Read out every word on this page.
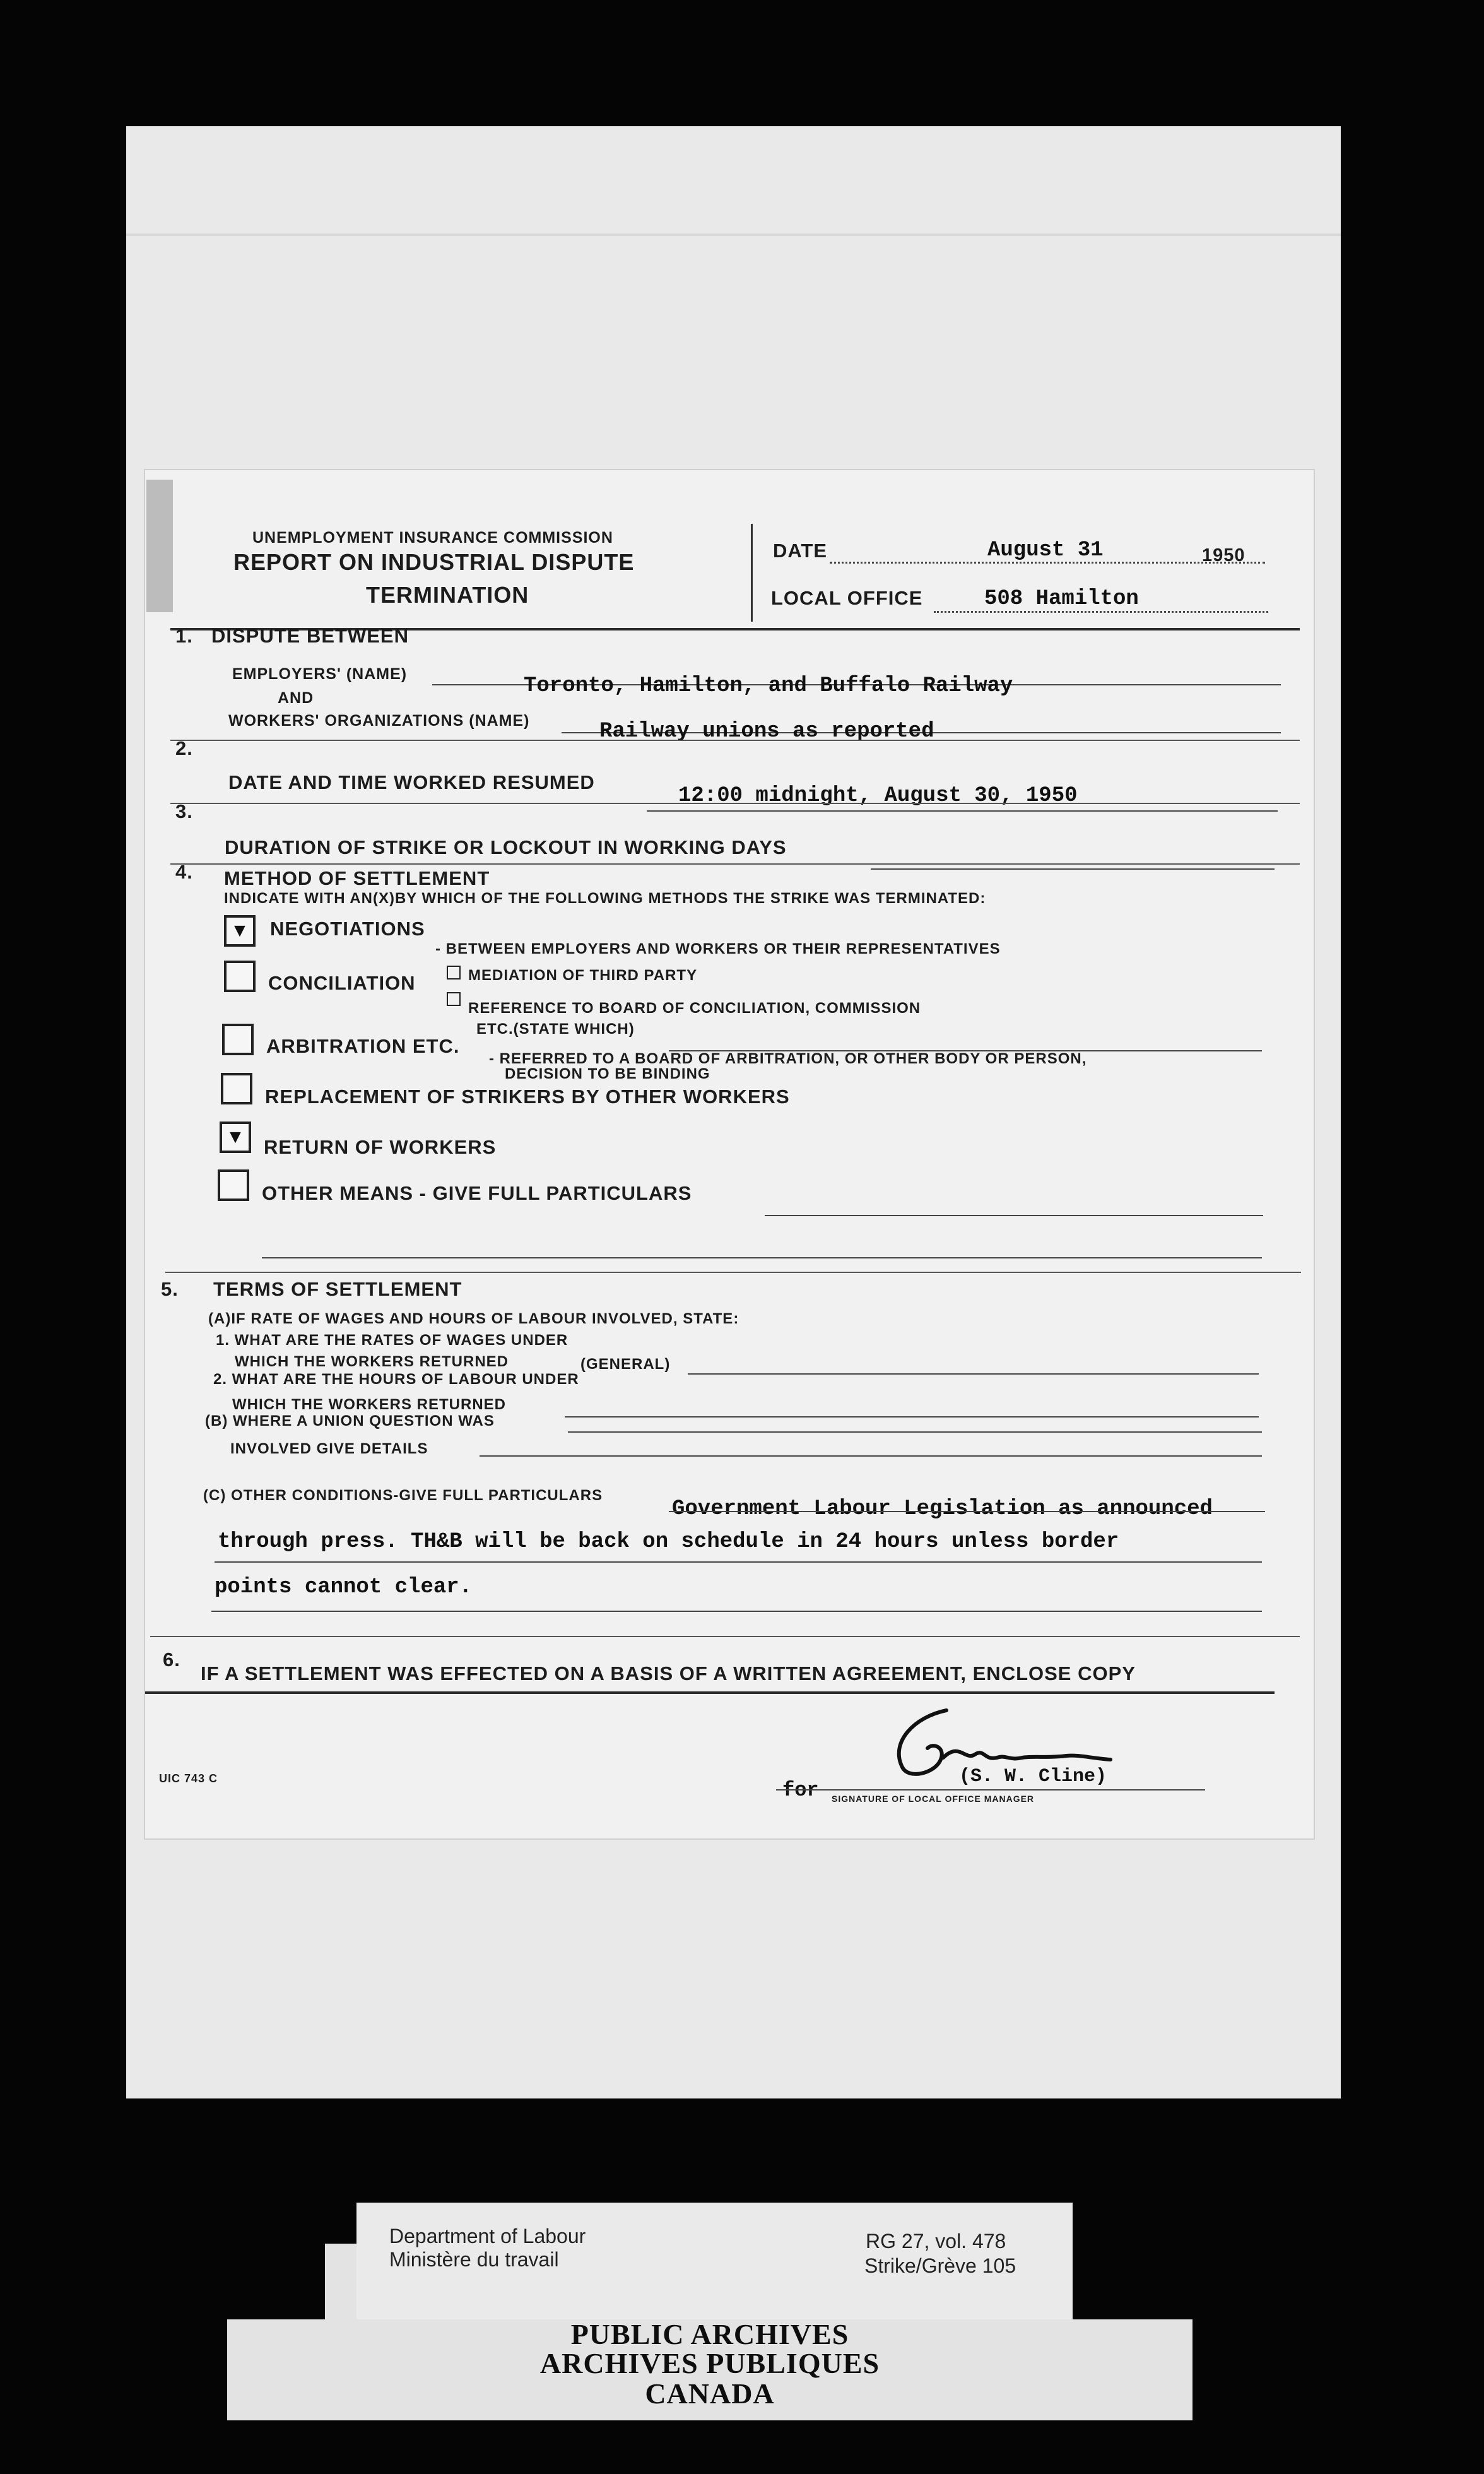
UNEMPLOYMENT INSURANCE COMMISSION
REPORT ON INDUSTRIAL DISPUTE
TERMINATION
DATE	August 31	1950
LOCAL OFFICE	508 Hamilton
1. DISPUTE BETWEEN
EMPLOYERS' (NAME)	Toronto, Hamilton, and Buffalo Railway
AND
WORKERS' ORGANIZATIONS (NAME)	Railway unions as reported
2.
DATE AND TIME WORKED RESUMED
12:00 midnight, August 30, 1950
3.
DURATION OF STRIKE OR LOCKOUT IN WORKING DAYS
4. METHOD OF SETTLEMENT
INDICATE WITH AN(X)BY WHICH OF THE FOLLOWING METHODS THE STRIKE WAS TERMINATED:
▼	NEGOTIATIONS
- BETWEEN EMPLOYERS AND WORKERS OR THEIR REPRESENTATIVES
CONCILIATION	MEDIATION OF THIRD PARTY
REFERENCE TO BOARD OF CONCILIATION, COMMISSION
ETC.(STATE WHICH)
ARBITRATION ETC.
- REFERRED TO A BOARD OF ARBITRATION, OR OTHER BODY OR PERSON,
DECISION TO BE BINDING
REPLACEMENT OF STRIKERS BY OTHER WORKERS
▼ RETURN OF WORKERS
OTHER MEANS - GIVE FULL PARTICULARS
5. TERMS OF SETTLEMENT
(A)IF RATE OF WAGES AND HOURS OF LABOUR INVOLVED, STATE:
1. WHAT ARE THE RATES OF WAGES UNDER
WHICH THE WORKERS RETURNED	(GENERAL)
2. WHAT ARE THE HOURS OF LABOUR UNDER
WHICH THE WORKERS RETURNED
(B) WHERE A UNION QUESTION WAS
INVOLVED GIVE DETAILS
(C) OTHER CONDITIONS-GIVE FULL PARTICULARS
Government Labour Legislation as announced
through press. TH&B will be back on schedule in 24 hours unless border
points cannot clear.
6.
IF A SETTLEMENT WAS EFFECTED ON A BASIS OF A WRITTEN AGREEMENT, ENCLOSE COPY
UIC 743 C	(S. W. Cline)
for SIGNATURE OF LOCAL OFFICE MANAGER
Department of Labour
Ministère du travail
RG 27, vol. 478
Strike/Grève 105
PUBLIC ARCHIVES
ARCHIVES PUBLIQUES
CANADA
